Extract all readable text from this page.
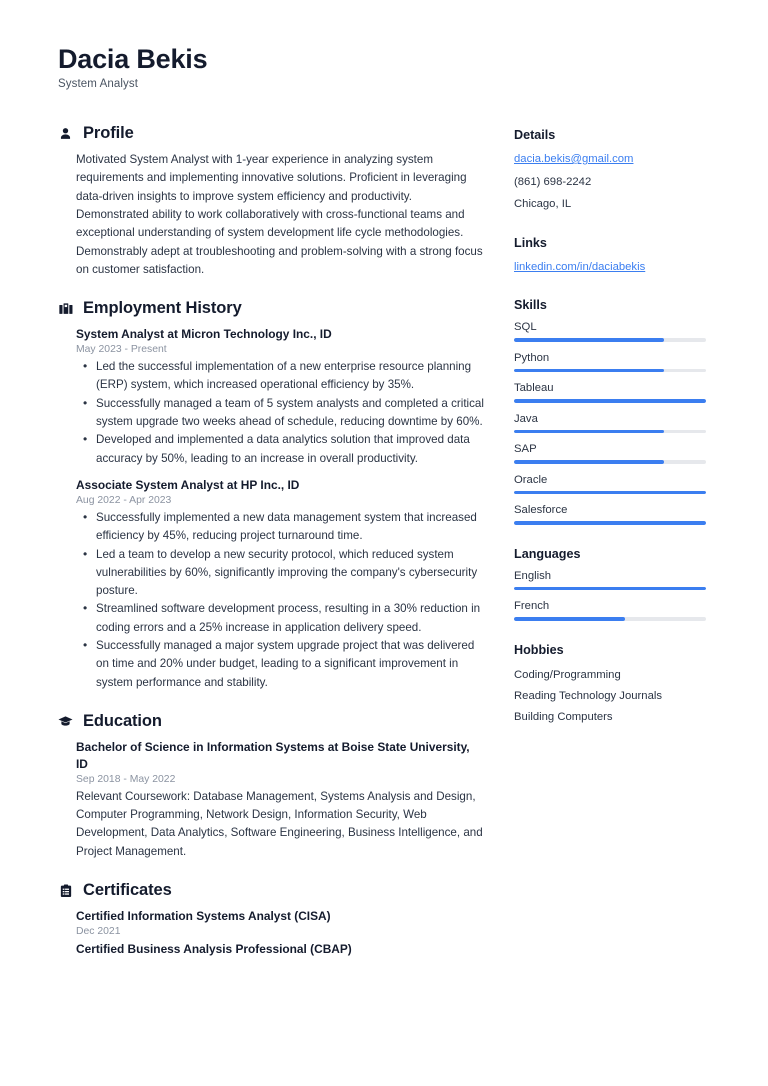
Dacia Bekis
System Analyst
Profile
Motivated System Analyst with 1-year experience in analyzing system requirements and implementing innovative solutions. Proficient in leveraging data-driven insights to improve system efficiency and productivity. Demonstrated ability to work collaboratively with cross-functional teams and exceptional understanding of system development life cycle methodologies. Demonstrably adept at troubleshooting and problem-solving with a strong focus on customer satisfaction.
Employment History
System Analyst at Micron Technology Inc., ID
May 2023 - Present
• Led the successful implementation of a new enterprise resource planning (ERP) system, which increased operational efficiency by 35%.
• Successfully managed a team of 5 system analysts and completed a critical system upgrade two weeks ahead of schedule, reducing downtime by 60%.
• Developed and implemented a data analytics solution that improved data accuracy by 50%, leading to an increase in overall productivity.
Associate System Analyst at HP Inc., ID
Aug 2022 - Apr 2023
• Successfully implemented a new data management system that increased efficiency by 45%, reducing project turnaround time.
• Led a team to develop a new security protocol, which reduced system vulnerabilities by 60%, significantly improving the company's cybersecurity posture.
• Streamlined software development process, resulting in a 30% reduction in coding errors and a 25% increase in application delivery speed.
• Successfully managed a major system upgrade project that was delivered on time and 20% under budget, leading to a significant improvement in system performance and stability.
Education
Bachelor of Science in Information Systems at Boise State University, ID
Sep 2018 - May 2022
Relevant Coursework: Database Management, Systems Analysis and Design, Computer Programming, Network Design, Information Security, Web Development, Data Analytics, Software Engineering, Business Intelligence, and Project Management.
Certificates
Certified Information Systems Analyst (CISA)
Dec 2021
Certified Business Analysis Professional (CBAP)
Details
dacia.bekis@gmail.com
(861) 698-2242
Chicago, IL
Links
linkedin.com/in/daciabekis
Skills
SQL
Python
Tableau
Java
SAP
Oracle
Salesforce
Languages
English
French
Hobbies
Coding/Programming
Reading Technology Journals
Building Computers
